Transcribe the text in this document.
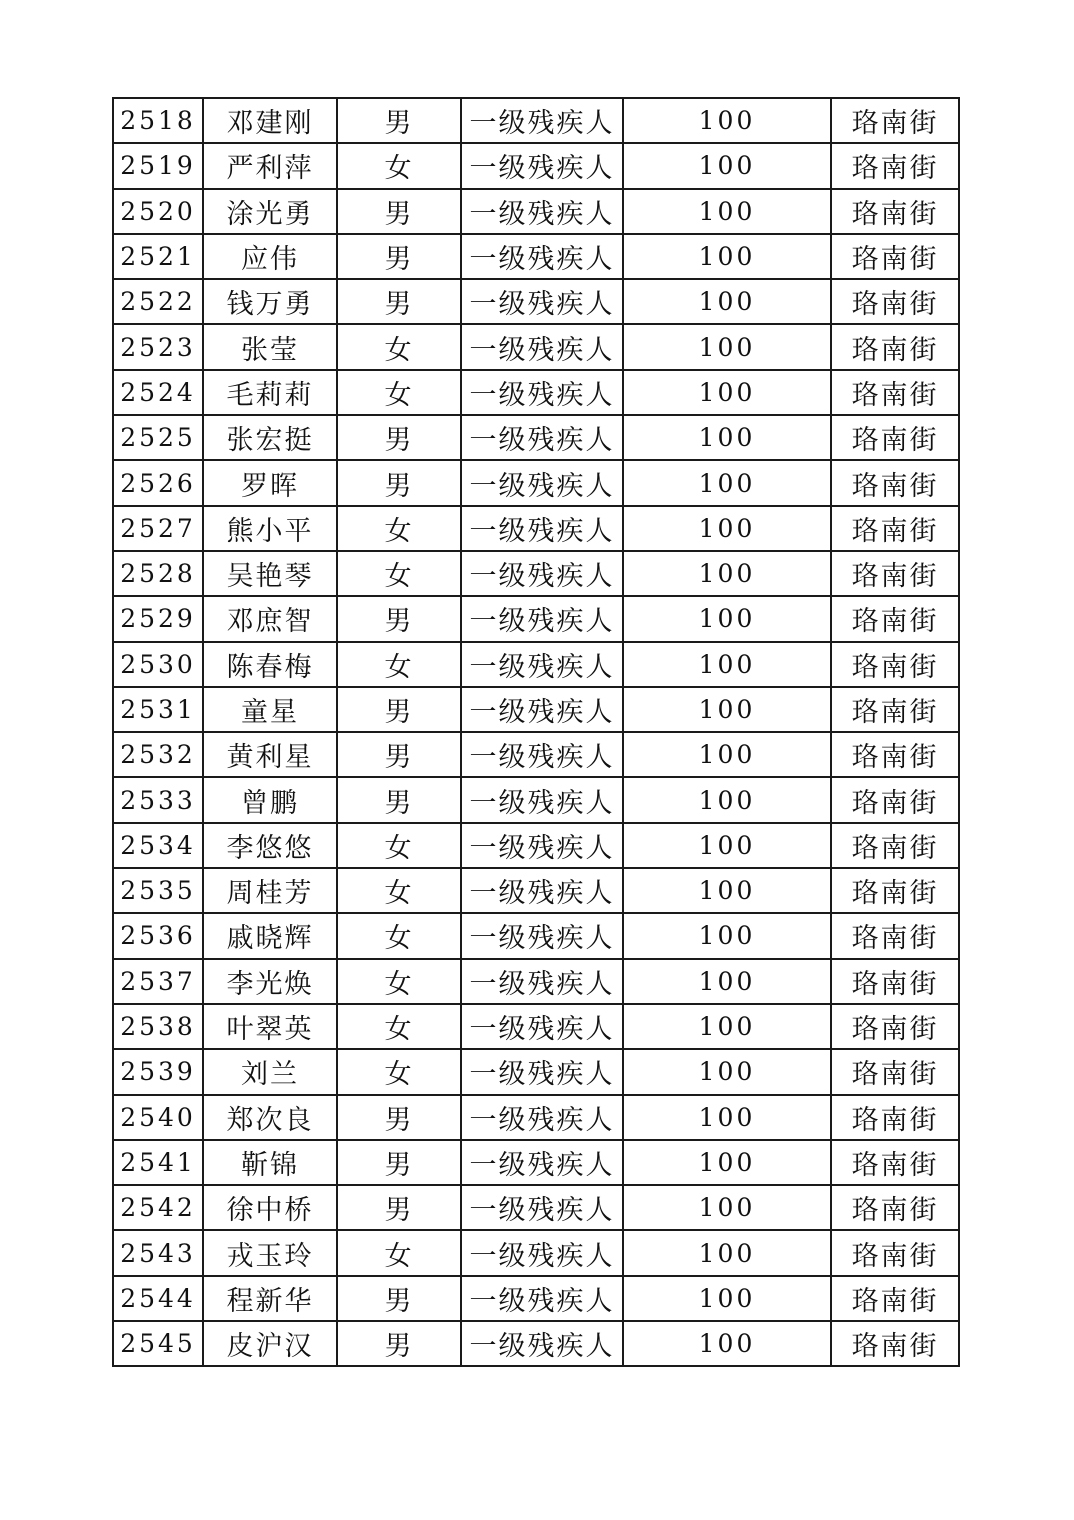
2518	邓建刚	男	一级残疾人	100	珞南街
2519	严利萍	女	一级残疾人	100	珞南街
2520	涂光勇	男	一级残疾人	100	珞南街
2521	应伟	男	一级残疾人	100	珞南街
2522	钱万勇	男	一级残疾人	100	珞南街
2523	张莹	女	一级残疾人	100	珞南街
2524	毛莉莉	女	一级残疾人	100	珞南街
2525	张宏挺	男	一级残疾人	100	珞南街
2526	罗晖	男	一级残疾人	100	珞南街
2527	熊小平	女	一级残疾人	100	珞南街
2528	吴艳琴	女	一级残疾人	100	珞南街
2529	邓庶智	男	一级残疾人	100	珞南街
2530	陈春梅	女	一级残疾人	100	珞南街
2531	童星	男	一级残疾人	100	珞南街
2532	黄利星	男	一级残疾人	100	珞南街
2533	曾鹏	男	一级残疾人	100	珞南街
2534	李悠悠	女	一级残疾人	100	珞南街
2535	周桂芳	女	一级残疾人	100	珞南街
2536	戚晓辉	女	一级残疾人	100	珞南街
2537	李光焕	女	一级残疾人	100	珞南街
2538	叶翠英	女	一级残疾人	100	珞南街
2539	刘兰	女	一级残疾人	100	珞南街
2540	郑次良	男	一级残疾人	100	珞南街
2541	靳锦	男	一级残疾人	100	珞南街
2542	徐中桥	男	一级残疾人	100	珞南街
2543	戎玉玲	女	一级残疾人	100	珞南街
2544	程新华	男	一级残疾人	100	珞南街
2545	皮沪汉	男	一级残疾人	100	珞南街
